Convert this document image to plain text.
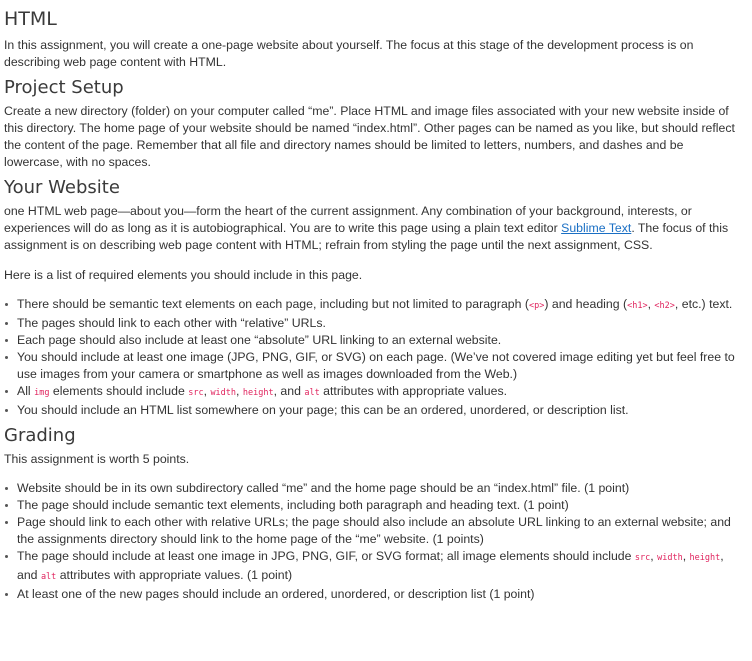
HTML

In this assignment, you will create a one-page website about yourself. The focus at this stage of the development process is on describing web page content with HTML.

Project Setup

Create a new directory (folder) on your computer called “me”. Place HTML and image files associated with your new website inside of this directory. The home page of your website should be named “index.html”. Other pages can be named as you like, but should reflect the content of the page. Remember that all file and directory names should be limited to letters, numbers, and dashes and be lowercase, with no spaces.

Your Website

one HTML web page—about you—form the heart of the current assignment. Any combination of your background, interests, or experiences will do as long as it is autobiographical. You are to write this page using a plain text editor Sublime Text. The focus of this assignment is on describing web page content with HTML; refrain from styling the page until the next assignment, CSS.

Here is a list of required elements you should include in this page.

There should be semantic text elements on each page, including but not limited to paragraph (<p>) and heading (<h1>, <h2>, etc.) text.
The pages should link to each other with “relative” URLs.
Each page should also include at least one “absolute” URL linking to an external website.
You should include at least one image (JPG, PNG, GIF, or SVG) on each page. (We’ve not covered image editing yet but feel free to use images from your camera or smartphone as well as images downloaded from the Web.)
All img elements should include src, width, height, and alt attributes with appropriate values.
You should include an HTML list somewhere on your page; this can be an ordered, unordered, or description list.
Grading

This assignment is worth 5 points.

Website should be in its own subdirectory called “me” and the home page should be an “index.html” file. (1 point)
The page should include semantic text elements, including both paragraph and heading text. (1 point)
Page should link to each other with relative URLs; the page should also include an absolute URL linking to an external website; and the assignments directory should link to the home page of the “me” website. (1 points)
The page should include at least one image in JPG, PNG, GIF, or SVG format; all image elements should include src, width, height, and alt attributes with appropriate values. (1 point)
At least one of the new pages should include an ordered, unordered, or description list (1 point)
